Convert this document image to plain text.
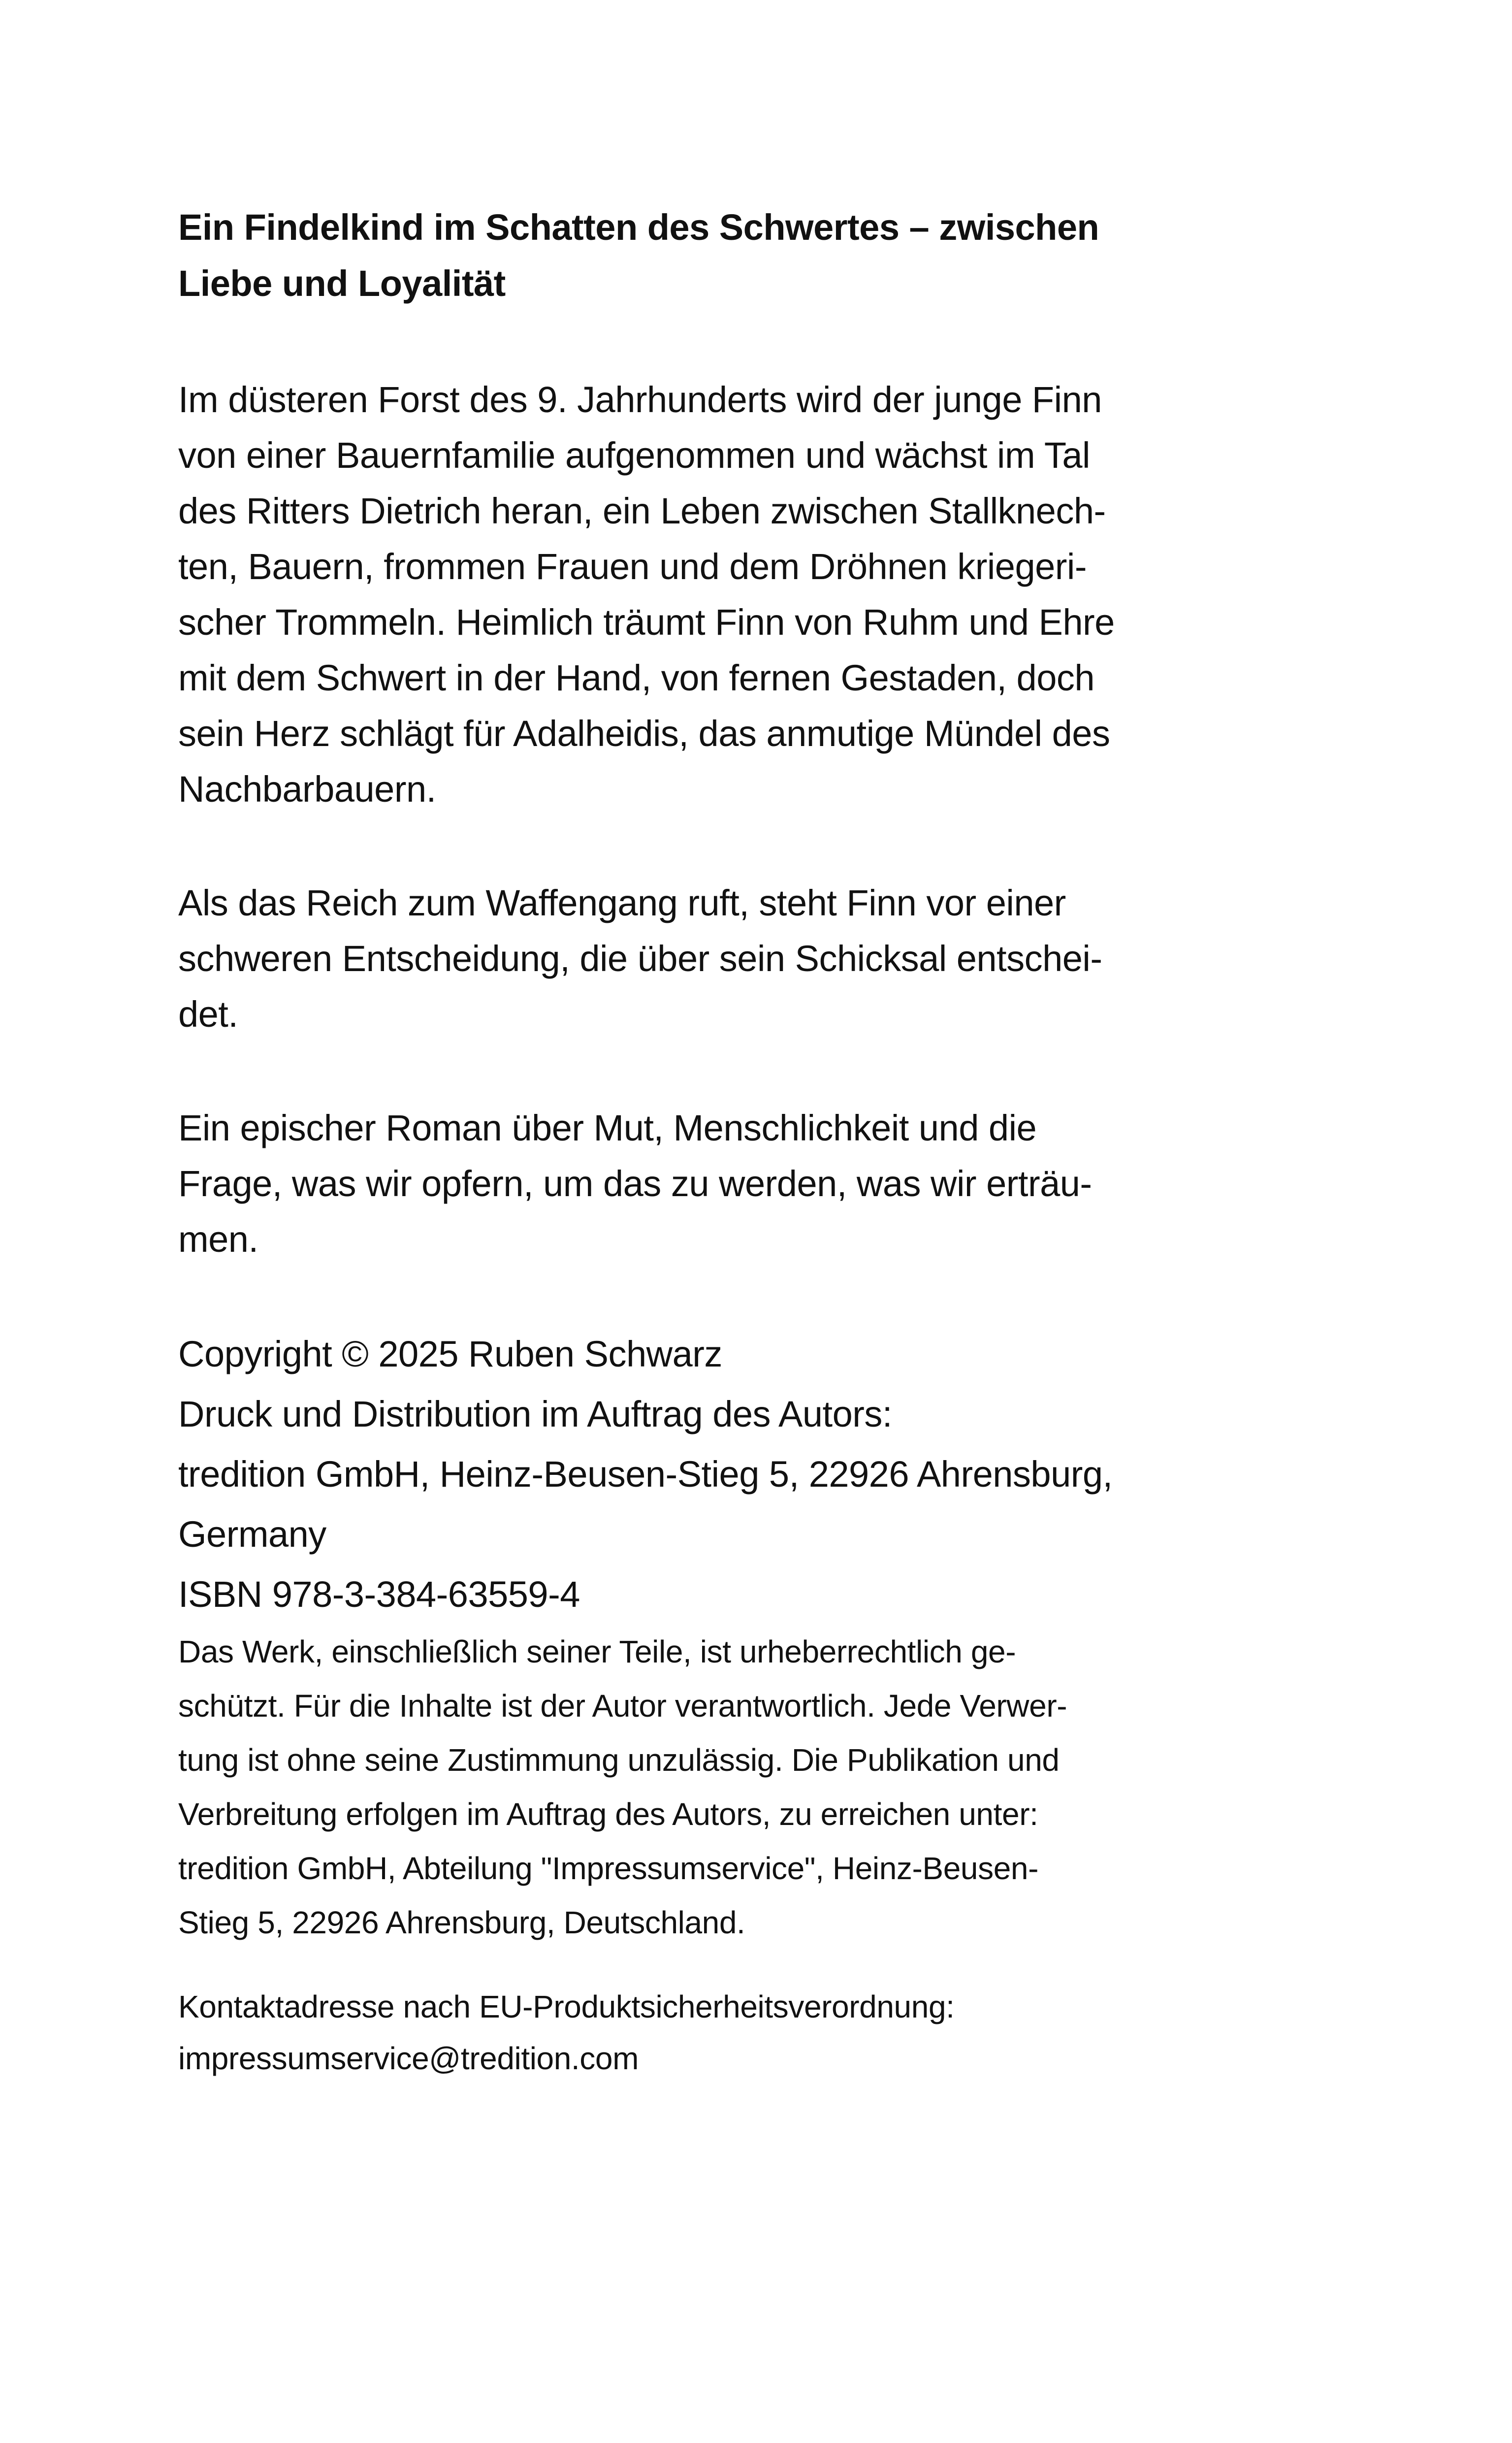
Ein Findelkind im Schatten des Schwertes – zwischen
Liebe und Loyalität

Im düsteren Forst des 9. Jahrhunderts wird der junge Finn
von einer Bauernfamilie aufgenommen und wächst im Tal
des Ritters Dietrich heran, ein Leben zwischen Stallknech-
ten, Bauern, frommen Frauen und dem Dröhnen kriegeri-
scher Trommeln. Heimlich träumt Finn von Ruhm und Ehre
mit dem Schwert in der Hand, von fernen Gestaden, doch
sein Herz schlägt für Adalheidis, das anmutige Mündel des
Nachbarbauern.

Als das Reich zum Waffengang ruft, steht Finn vor einer
schweren Entscheidung, die über sein Schicksal entschei-
det.

Ein epischer Roman über Mut, Menschlichkeit und die
Frage, was wir opfern, um das zu werden, was wir erträu-
men.

Copyright © 2025 Ruben Schwarz

Druck und Distribution im Auftrag des Autors:

tredition GmbH, Heinz-Beusen-Stieg 5, 22926 Ahrensburg,

Germany

ISBN 978-3-384-63559-4

Das Werk, einschließlich seiner Teile, ist urheberrechtlich ge-
schützt. Für die Inhalte ist der Autor verantwortlich. Jede Verwer-
tung ist ohne seine Zustimmung unzulässig. Die Publikation und
Verbreitung erfolgen im Auftrag des Autors, zu erreichen unter:
tredition GmbH, Abteilung "Impressumservice", Heinz-Beusen-
Stieg 5, 22926 Ahrensburg, Deutschland.

Kontaktadresse nach EU-Produktsicherheitsverordnung:
impressumservice@tredition.com
